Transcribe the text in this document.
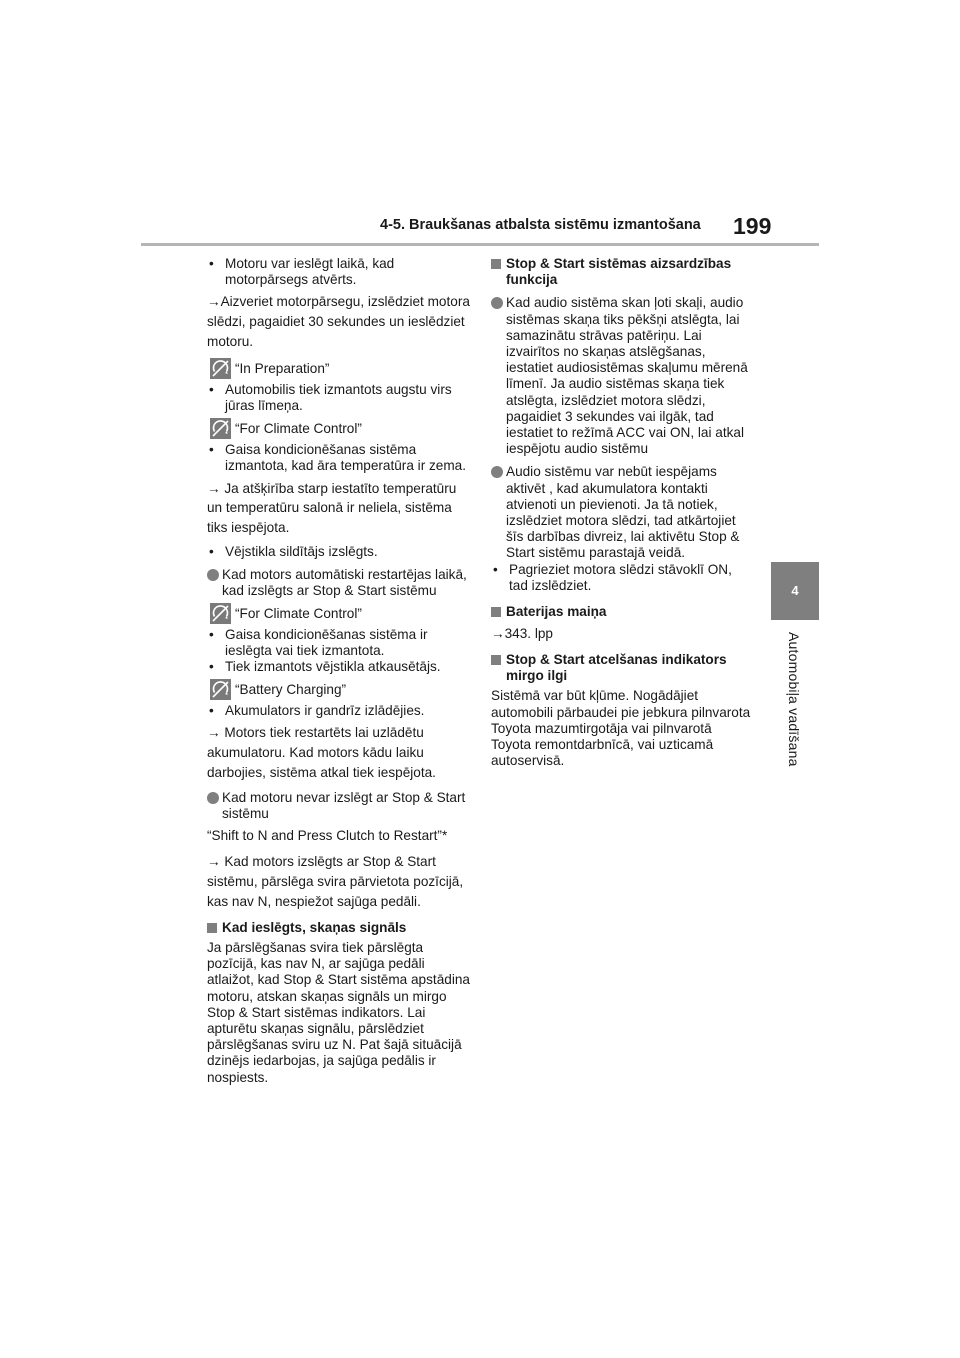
4-5. Braukšanas atbalsta sistēmu izmantošana 199
4
Automobiļa vadīšana
• Motoru var ieslēgt laikā, kad motorpārsegs atvērts.
→Aizveriet motorpārsegu, izslēdziet motora slēdzi, pagaidiet 30 sekundes un ieslēdziet motoru.
“In Preparation”
• Automobilis tiek izmantots augstu virs jūras līmeņa.
“For Climate Control”
• Gaisa kondicionēšanas sistēma izmantota, kad āra temperatūra ir zema.
→ Ja atšķirība starp iestatīto temperatūru un temperatūru salonā ir neliela, sistēma tiks iespējota.
• Vējstikla sildītājs izslēgts.
Kad motors automātiski restartējas laikā, kad izslēgts ar Stop & Start sistēmu
“For Climate Control”
• Gaisa kondicionēšanas sistēma ir ieslēgta vai tiek izmantota.
• Tiek izmantots vējstikla atkausētājs.
“Battery Charging”
• Akumulators ir gandrīz izlādējies.
→ Motors tiek restartēts lai uzlādētu akumulatoru. Kad motors kādu laiku darbojies, sistēma atkal tiek iespējota.
Kad motoru nevar izslēgt ar Stop & Start sistēmu
“Shift to N and Press Clutch to Restart”*
→ Kad motors izslēgts ar Stop & Start sistēmu, pārslēga svira pārvietota pozīcijā, kas nav N, nespiežot sajūga pedāli.
Kad ieslēgts, skaņas signāls
Ja pārslēgšanas svira tiek pārslēgta pozīcijā, kas nav N, ar sajūga pedāli atlaižot, kad Stop & Start sistēma apstādina motoru, atskan skaņas signāls un mirgo Stop & Start sistēmas indikators. Lai apturētu skaņas signālu, pārslēdziet pārslēgšanas sviru uz N. Pat šajā situācijā dzinējs iedarbojas, ja sajūga pedālis ir nospiests.
Stop & Start sistēmas aizsardzības funkcija
Kad audio sistēma skan ļoti skaļi, audio sistēmas skaņa tiks pēkšņi atslēgta, lai samazinātu strāvas patēriņu. Lai izvairītos no skaņas atslēgšanas, iestatiet audiosistēmas skaļumu mērenā līmenī. Ja audio sistēmas skaņa tiek atslēgta, izslēdziet motora slēdzi, pagaidiet 3 sekundes vai ilgāk, tad iestatiet to režīmā ACC vai ON, lai atkal iespējotu audio sistēmu
Audio sistēmu var nebūt iespējams aktivēt , kad akumulatora kontakti atvienoti un pievienoti. Ja tā notiek, izslēdziet motora slēdzi, tad atkārtojiet šīs darbības divreiz, lai aktivētu Stop & Start sistēmu parastajā veidā.
• Pagrieziet motora slēdzi stāvoklī ON, tad izslēdziet.
Baterijas maiņa
→343. lpp
Stop & Start atcelšanas indikators mirgo ilgi
Sistēmā var būt kļūme. Nogādājiet automobili pārbaudei pie jebkura pilnvarota Toyota mazumtirgotāja vai pilnvarotā Toyota remontdarbnīcā, vai uzticamā autoservisā.
